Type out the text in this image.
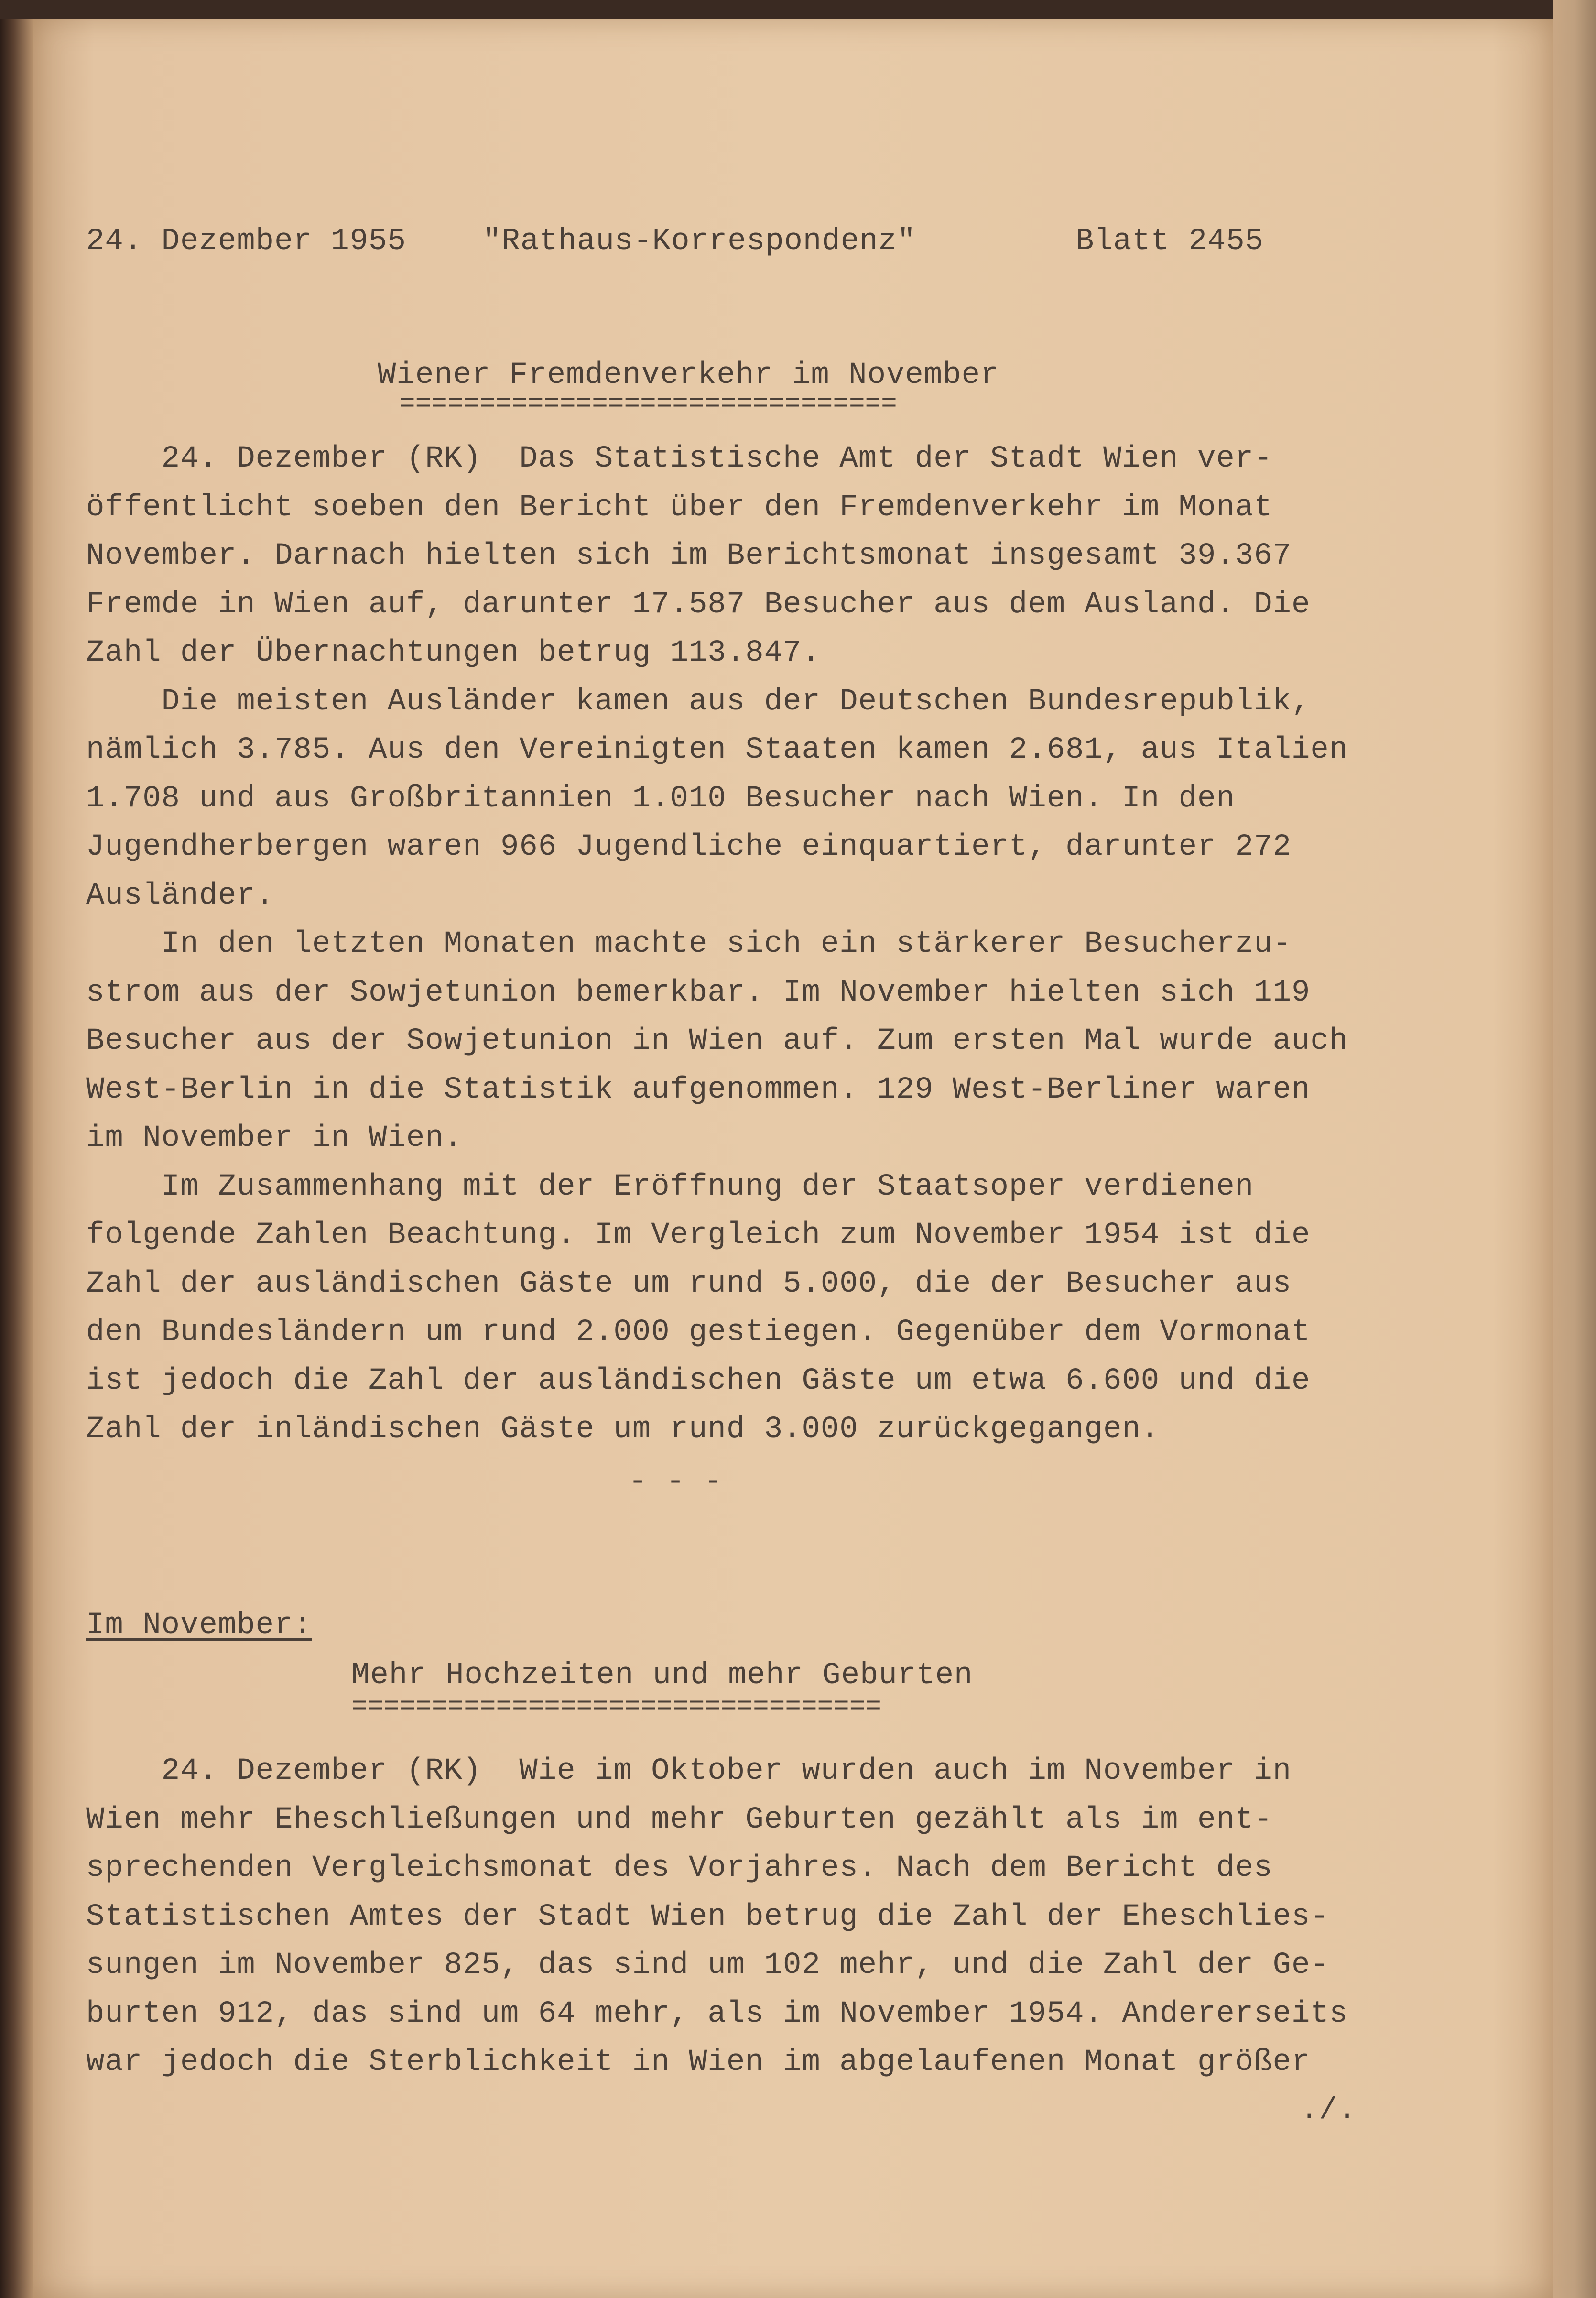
24. Dezember 1955	"Rathaus-Korrespondenz"	Blatt 2455
Wiener Fremdenverkehr im November
===============================
24. Dezember (RK)  Das Statistische Amt der Stadt Wien ver-
öffentlicht soeben den Bericht über den Fremdenverkehr im Monat
November. Darnach hielten sich im Berichtsmonat insgesamt 39.367
Fremde in Wien auf, darunter 17.587 Besucher aus dem Ausland. Die
Zahl der Übernachtungen betrug 113.847.
Die meisten Ausländer kamen aus der Deutschen Bundesrepublik,
nämlich 3.785. Aus den Vereinigten Staaten kamen 2.681, aus Italien
1.708 und aus Großbritannien 1.010 Besucher nach Wien. In den
Jugendherbergen waren 966 Jugendliche einquartiert, darunter 272
Ausländer.
In den letzten Monaten machte sich ein stärkerer Besucherzu-
strom aus der Sowjetunion bemerkbar. Im November hielten sich 119
Besucher aus der Sowjetunion in Wien auf. Zum ersten Mal wurde auch
West-Berlin in die Statistik aufgenommen. 129 West-Berliner waren
im November in Wien.
Im Zusammenhang mit der Eröffnung der Staatsoper verdienen
folgende Zahlen Beachtung. Im Vergleich zum November 1954 ist die
Zahl der ausländischen Gäste um rund 5.000, die der Besucher aus
den Bundesländern um rund 2.000 gestiegen. Gegenüber dem Vormonat
ist jedoch die Zahl der ausländischen Gäste um etwa 6.600 und die
Zahl der inländischen Gäste um rund 3.000 zurückgegangen.
- - -
Im November:
Mehr Hochzeiten und mehr Geburten
=================================
24. Dezember (RK)  Wie im Oktober wurden auch im November in
Wien mehr Eheschließungen und mehr Geburten gezählt als im ent-
sprechenden Vergleichsmonat des Vorjahres. Nach dem Bericht des
Statistischen Amtes der Stadt Wien betrug die Zahl der Eheschlies-
sungen im November 825, das sind um 102 mehr, und die Zahl der Ge-
burten 912, das sind um 64 mehr, als im November 1954. Andererseits
war jedoch die Sterblichkeit in Wien im abgelaufenen Monat größer
./.
